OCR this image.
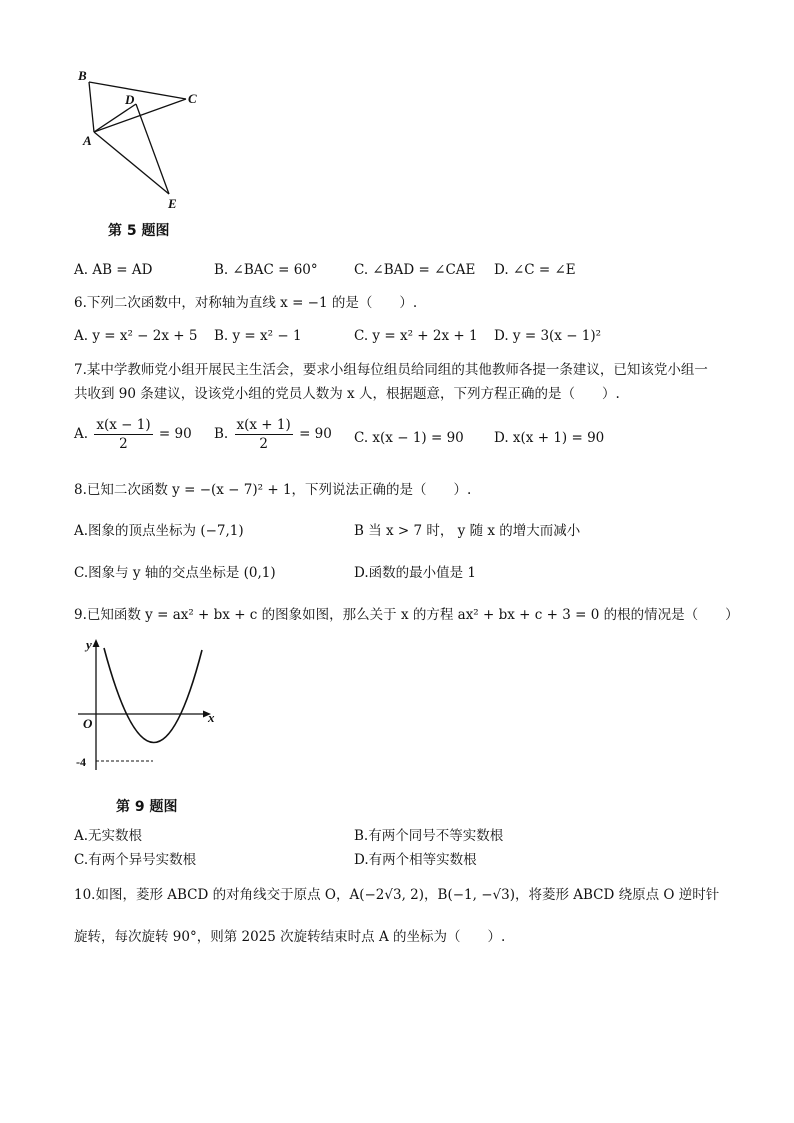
B
D	C
A
E
第 5 题图
A. AB = AD	B. ∠BAC = 60°	C. ∠BAD = ∠CAE D. ∠C = ∠E
6.下列二次函数中，对称轴为直线 x = −1 的是（　　）.
A. y = x² − 2x + 5 B. y = x² − 1	C. y = x² + 2x + 1 D. y = 3(x − 1)²
7.某中学教师党小组开展民主生活会，要求小组每位组员给同组的其他教师各提一条建议，已知该党小组一
共收到 90 条建议，设该党小组的党员人数为 x 人，根据题意，下列方程正确的是（　　）.
A. $\frac{x(x - 1)}{2} = 90$ B. $\frac{x(x + 1)}{2} = 90$ C. x(x − 1) = 90 D. x(x + 1) = 90
8.已知二次函数 y = −(x − 7)² + 1，下列说法正确的是（　　）.
A.图象的顶点坐标为 (−7,1)	B 当 x > 7 时， y 随 x 的增大而减小
C.图象与 y 轴的交点坐标是 (0,1)	D.函数的最小值是 1
9.已知函数 y = ax² + bx + c 的图象如图，那么关于 x 的方程 ax² + bx + c + 3 = 0 的根的情况是（　　）
y
x
O
-4
第 9 题图
A.无实数根	B.有两个同号不等实数根
C.有两个异号实数根	D.有两个相等实数根
10.如图，菱形 ABCD 的对角线交于原点 O，A(−2√3, 2)，B(−1, −√3)，将菱形 ABCD 绕原点 O 逆时针
旋转，每次旋转 90°，则第 2025 次旋转结束时点 A 的坐标为（　　）.
